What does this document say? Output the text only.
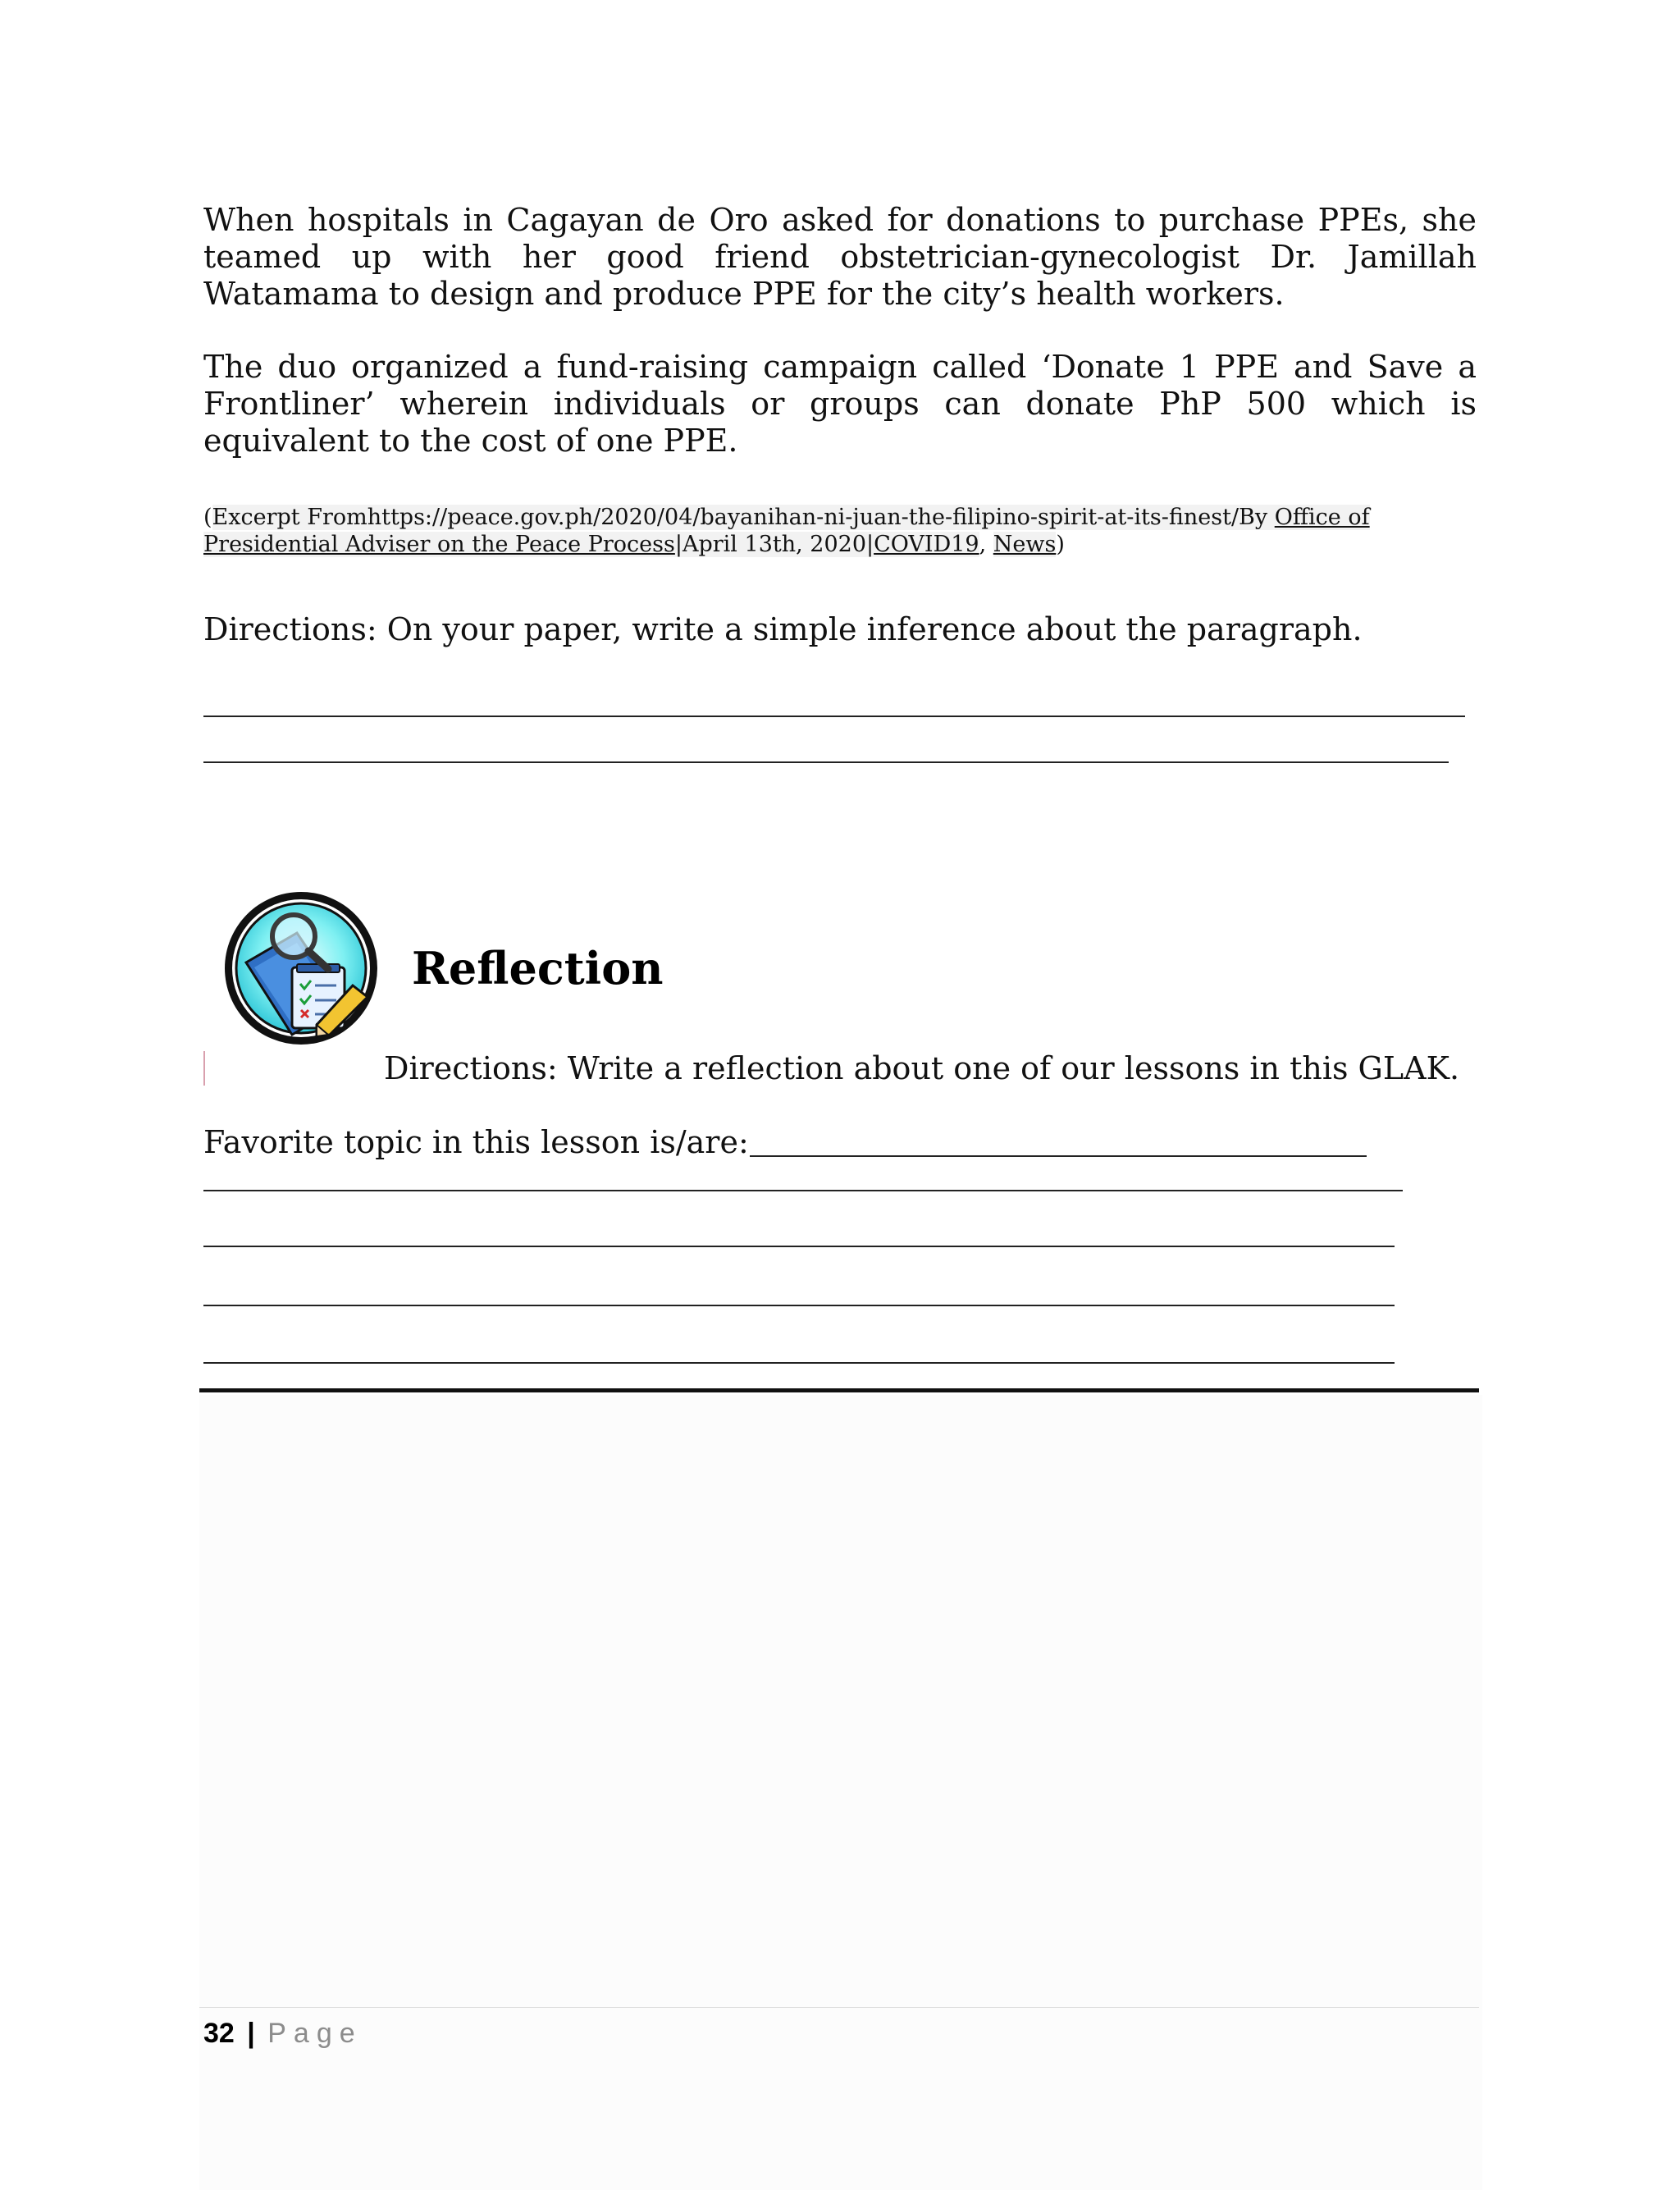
When hospitals in Cagayan de Oro asked for donations to purchase PPEs, she teamed up with her good friend obstetrician-gynecologist Dr. Jamillah Watamama to design and produce PPE for the city’s health workers.

The duo organized a fund-raising campaign called ‘Donate 1 PPE and Save a Frontliner’ wherein individuals or groups can donate PhP 500 which is equivalent to the cost of one PPE.

(Excerpt Fromhttps://peace.gov.ph/2020/04/bayanihan-ni-juan-the-filipino-spirit-at-its-finest/By Office of Presidential Adviser on the Peace Process|April 13th, 2020|COVID19, News)
Directions: On your paper, write a simple inference about the paragraph.
Reflection
Directions: Write a reflection about one of our lessons in this GLAK.
Favorite topic in this lesson is/are:
32 | Page
